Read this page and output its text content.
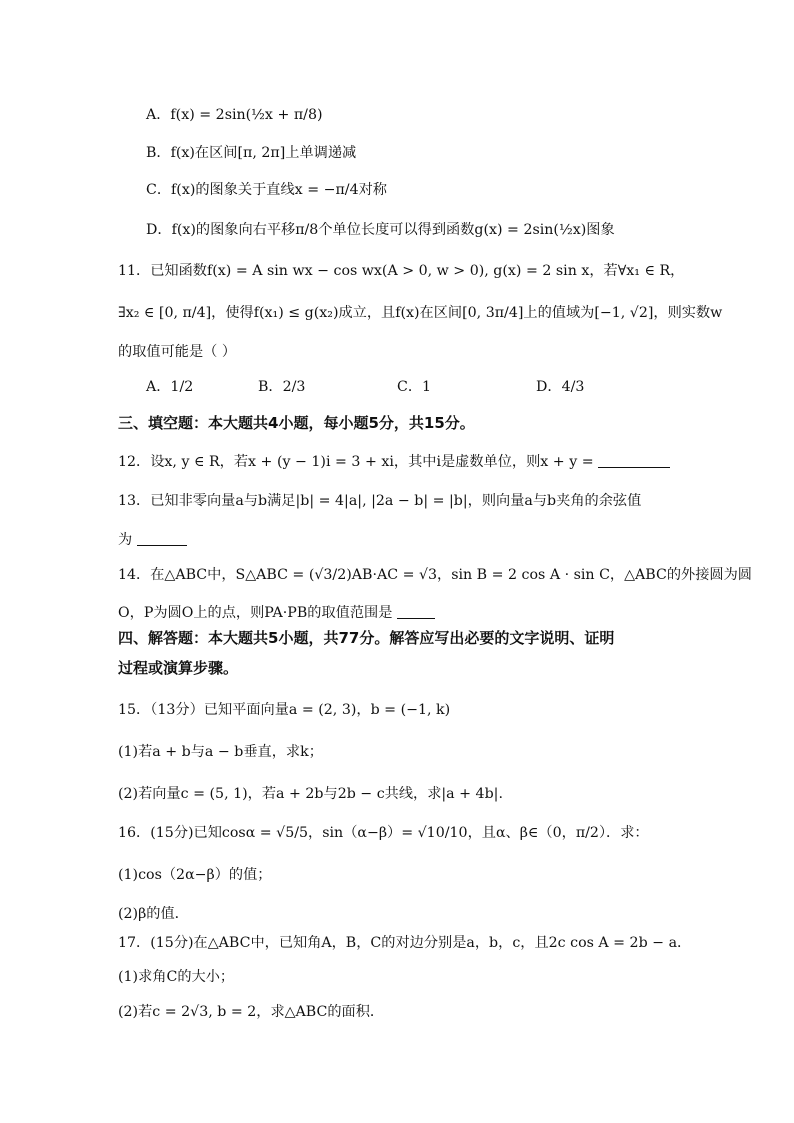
A．f(x) = 2sin(½x + π/8)
B．f(x)在区间[π, 2π]上单调递减
C．f(x)的图象关于直线x = −π/4对称
D．f(x)的图象向右平移π/8个单位长度可以得到函数g(x) = 2sin(½x)图象
11．已知函数f(x) = A sin wx − cos wx(A > 0, w > 0), g(x) = 2 sin x，若∀x₁ ∈ R，
∃x₂ ∈ [0, π/4]，使得f(x₁) ≤ g(x₂)成立，且f(x)在区间[0, 3π/4]上的值域为[−1, √2]，则实数w
的取值可能是（ ）
A．1/2	B．2/3	C．1	D．4/3
三、填空题：本大题共4小题，每小题5分，共15分。
12．设x, y ∈ R，若x + (y − 1)i = 3 + xi，其中i是虚数单位，则x + y =
13．已知非零向量a与b满足|b| = 4|a|, |2a − b| = |b|，则向量a与b夹角的余弦值
为
14．在△ABC中，S△ABC = (√3/2)AB·AC = √3，sin B = 2 cos A · sin C，△ABC的外接圆为圆
O，P为圆O上的点，则PA·PB的取值范围是
四、解答题：本大题共5小题，共77分。解答应写出必要的文字说明、证明
过程或演算步骤。
15．（13分）已知平面向量a = (2, 3)，b = (−1, k)
(1)若a + b与a − b垂直，求k；
(2)若向量c = (5, 1)，若a + 2b与2b − c共线，求|a + 4b|.
16．(15分)已知cosα = √5/5，sin（α−β）= √10/10，且α、β∈（0，π/2）．求：
(1)cos（2α−β）的值；
(2)β的值．
17．(15分)在△ABC中，已知角A，B，C的对边分别是a，b，c，且2c cos A = 2b − a．
(1)求角C的大小；
(2)若c = 2√3, b = 2，求△ABC的面积．
